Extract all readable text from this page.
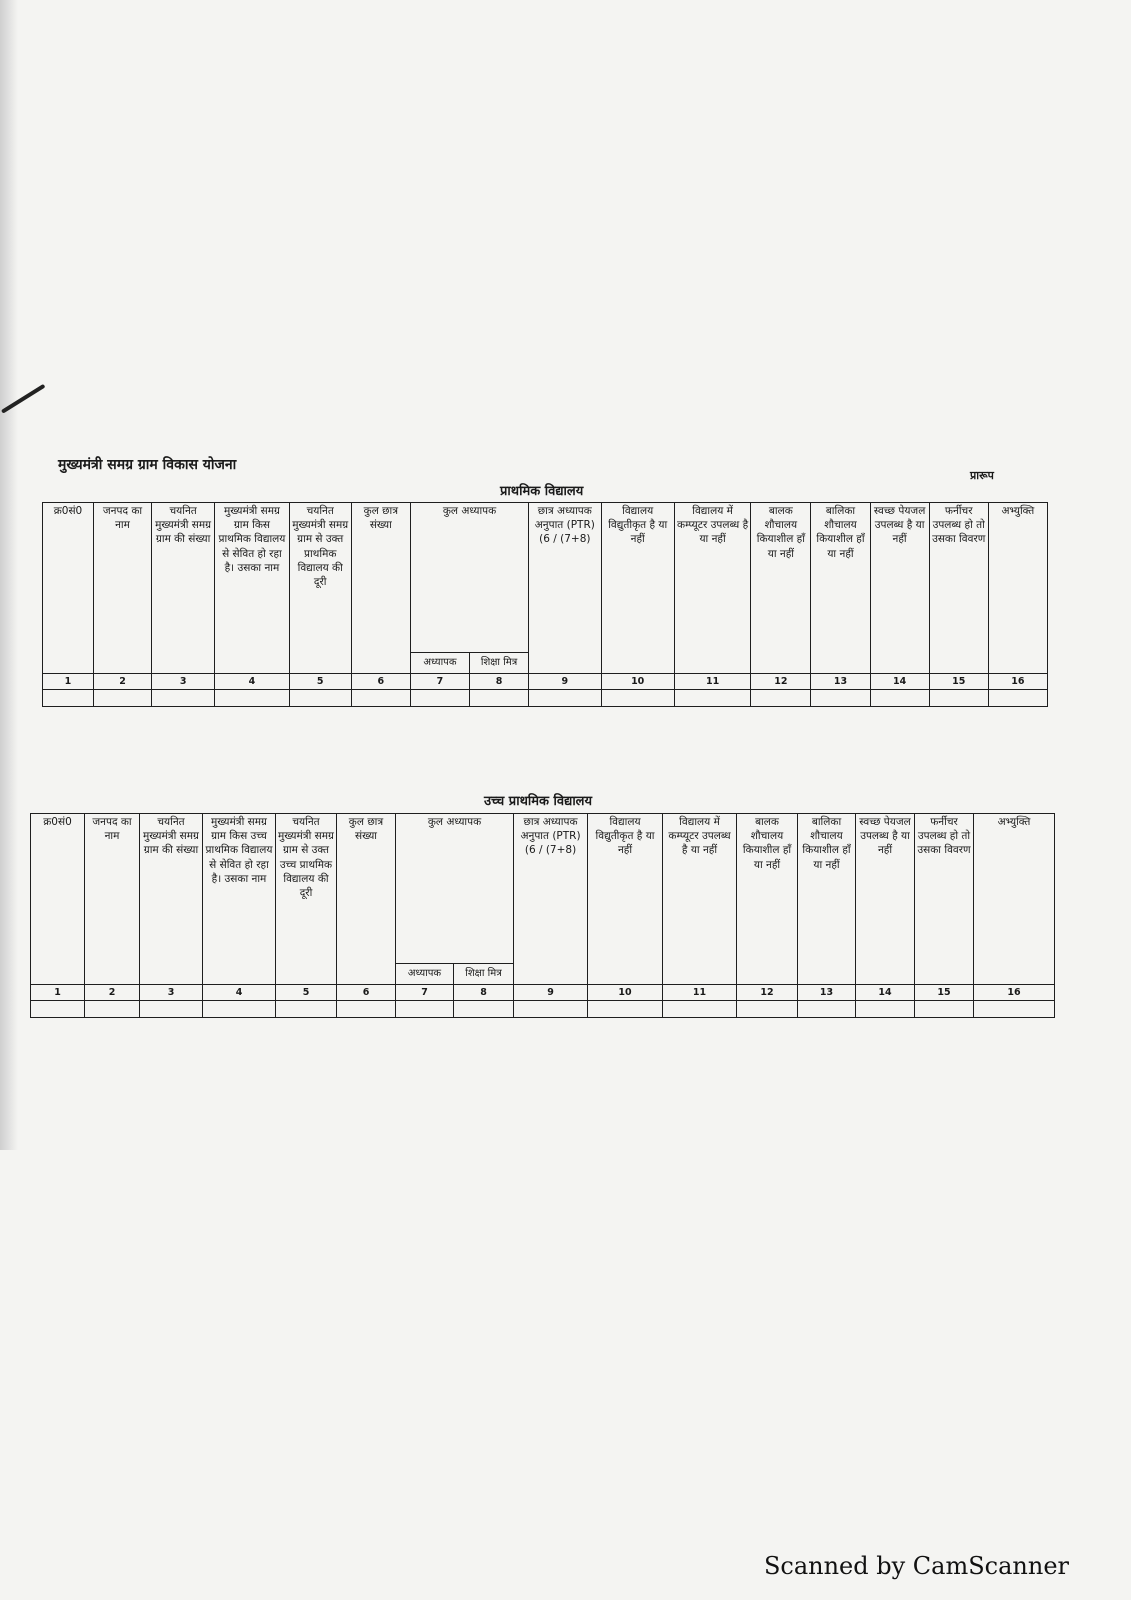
मुख्यमंत्री समग्र ग्राम विकास योजना
प्रारूप
प्राथमिक विद्यालय
क्र0सं0	जनपद का नाम	चयनित मुख्यमंत्री समग्र ग्राम की संख्या	मुख्यमंत्री समग्र ग्राम किस प्राथमिक विद्यालय से सेवित हो रहा है। उसका नाम	चयनित मुख्यमंत्री समग्र ग्राम से उक्त प्राथमिक विद्यालय की दूरी	कुल छात्र संख्या	कुल अध्यापक		छात्र अध्यापक अनुपात (PTR) (6 / (7+8)	विद्यालय विद्युतीकृत है या नहीं	विद्यालय में कम्प्यूटर उपलब्ध है या नहीं	बालक शौचालय कियाशील हाँ या नहीं	बालिका शौचालय कियाशील हाँ या नहीं	स्वच्छ पेयजल उपलब्ध है या नहीं	फर्नीचर उपलब्ध हो तो उसका विवरण	अभ्युक्ति
						अध्यापक	शिक्षा मित्र								
1	2	3	4	5	6	7	8	9	10	11	12	13	14	15	16

उच्च प्राथमिक विद्यालय
क्र0सं0	जनपद का नाम	चयनित मुख्यमंत्री समग्र ग्राम की संख्या	मुख्यमंत्री समग्र ग्राम किस उच्च प्राथमिक विद्यालय से सेवित हो रहा है। उसका नाम	चयनित मुख्यमंत्री समग्र ग्राम से उक्त उच्च प्राथमिक विद्यालय की दूरी	कुल छात्र संख्या	कुल अध्यापक		छात्र अध्यापक अनुपात (PTR) (6 / (7+8)	विद्यालय विद्युतीकृत है या नहीं	विद्यालय में कम्प्यूटर उपलब्ध है या नहीं	बालक शौचालय कियाशील हाँ या नहीं	बालिका शौचालय कियाशील हाँ या नहीं	स्वच्छ पेयजल उपलब्ध है या नहीं	फर्नीचर उपलब्ध हो तो उसका विवरण	अभ्युक्ति
						अध्यापक	शिक्षा मित्र								
1	2	3	4	5	6	7	8	9	10	11	12	13	14	15	16

Scanned by CamScanner
